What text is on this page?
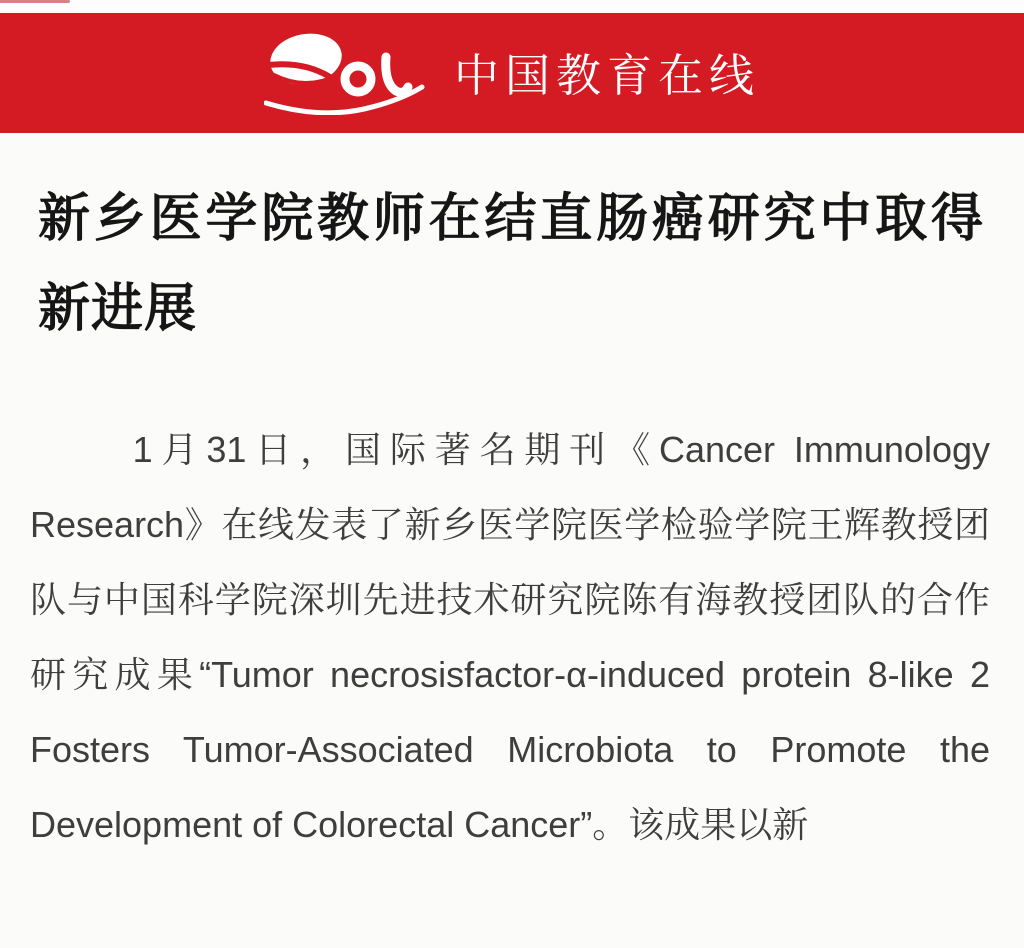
中国教育在线
新乡医学院教师在结直肠癌研究中取得新进展

1月31日，国际著名期刊《Cancer Immunology Research》在线发表了新乡医学院医学检验学院王辉教授团队与中国科学院深圳先进技术研究院陈有海教授团队的合作研究成果“Tumor necrosisfactor-α-induced protein 8-like 2 Fosters Tumor-Associated Microbiota to Promote the Development of Colorectal Cancer”。该成果以新
